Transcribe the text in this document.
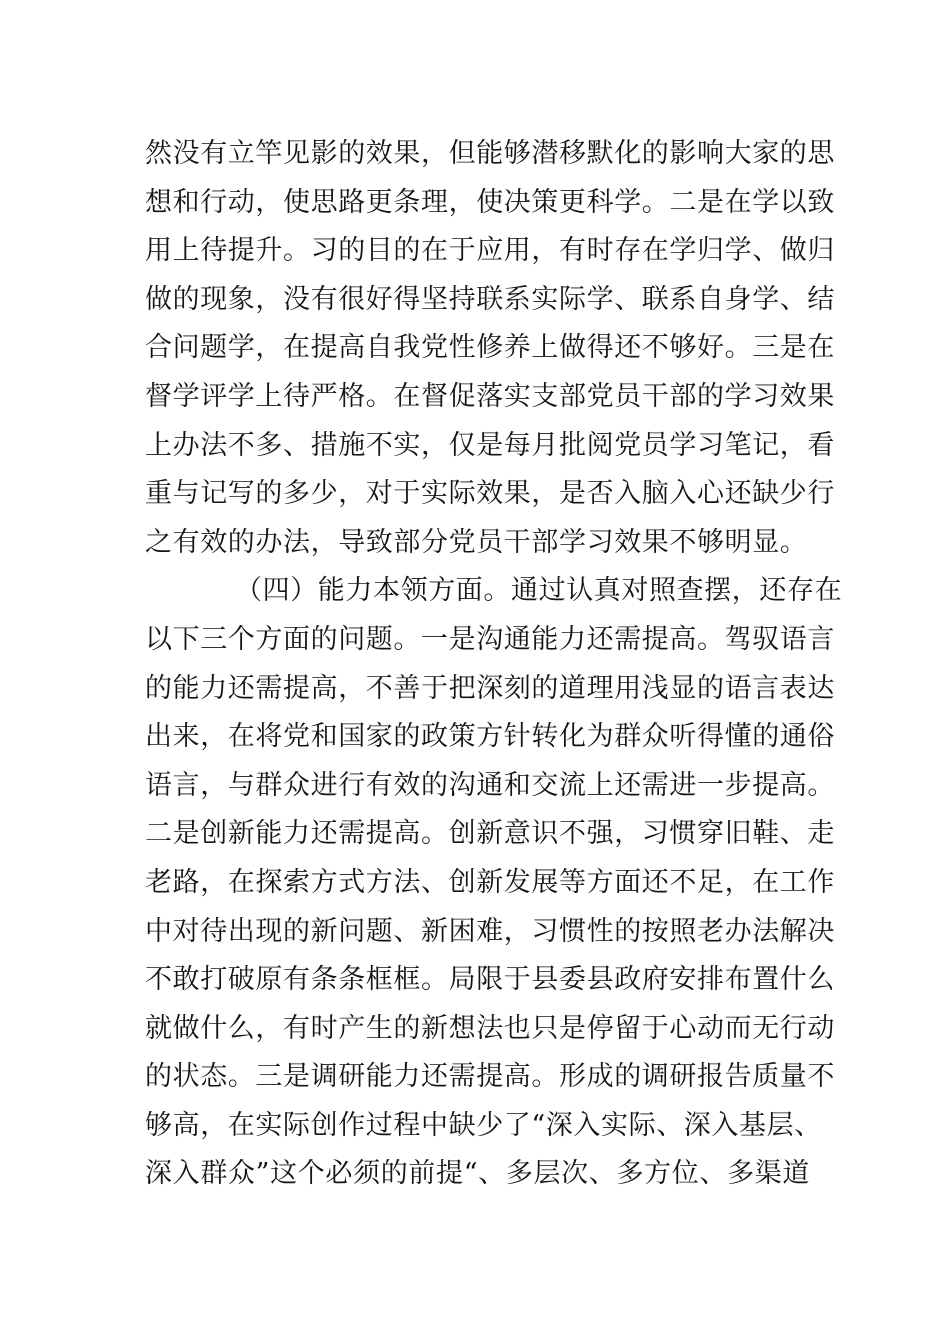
然没有立竿见影的效果，但能够潜移默化的影响大家的思
想和行动，使思路更条理，使决策更科学。二是在学以致
用上待提升。习的目的在于应用，有时存在学归学、做归
做的现象，没有很好得坚持联系实际学、联系自身学、结
合问题学，在提高自我党性修养上做得还不够好。三是在
督学评学上待严格。在督促落实支部党员干部的学习效果
上办法不多、措施不实，仅是每月批阅党员学习笔记，看
重与记写的多少，对于实际效果，是否入脑入心还缺少行
之有效的办法，导致部分党员干部学习效果不够明显。
（四）能力本领方面。通过认真对照查摆，还存在
以下三个方面的问题。一是沟通能力还需提高。驾驭语言
的能力还需提高，不善于把深刻的道理用浅显的语言表达
出来，在将党和国家的政策方针转化为群众听得懂的通俗
语言，与群众进行有效的沟通和交流上还需进一步提高。
二是创新能力还需提高。创新意识不强，习惯穿旧鞋、走
老路，在探索方式方法、创新发展等方面还不足，在工作
中对待出现的新问题、新困难，习惯性的按照老办法解决
不敢打破原有条条框框。局限于县委县政府安排布置什么
就做什么，有时产生的新想法也只是停留于心动而无行动
的状态。三是调研能力还需提高。形成的调研报告质量不
够高，在实际创作过程中缺少了“深入实际、深入基层、
深入群众”这个必须的前提“、多层次、多方位、多渠道
